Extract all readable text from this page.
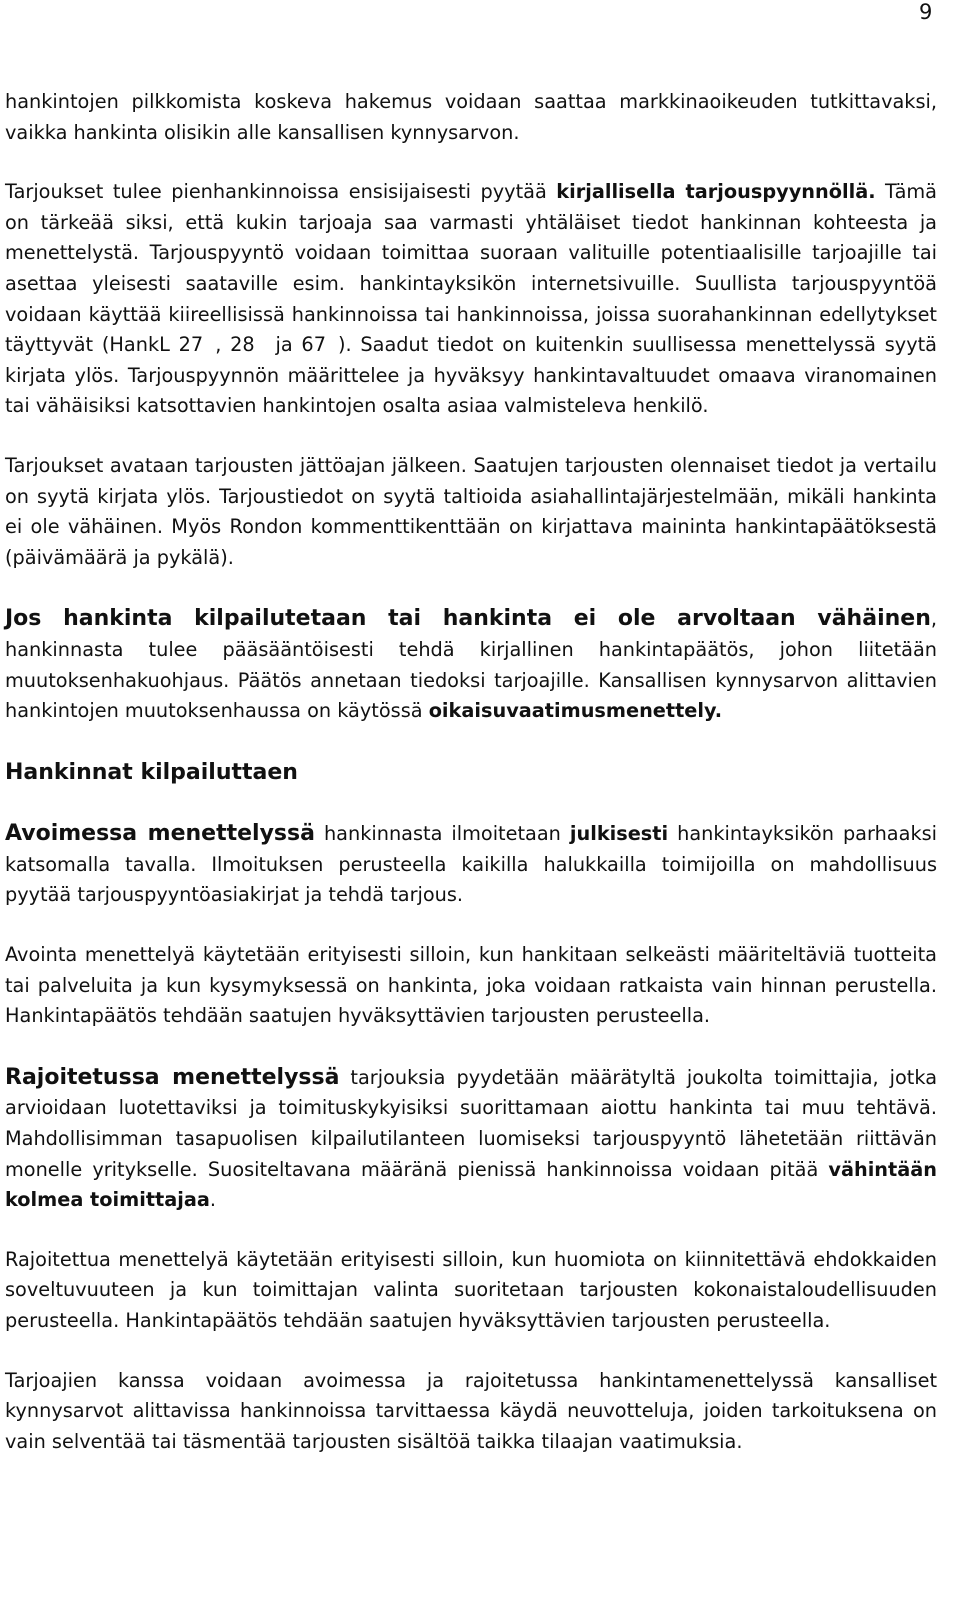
9

hankintojen pilkkomista koskeva hakemus voidaan saattaa markkinaoikeuden tutkittavaksi, vaikka hankinta olisikin alle kansallisen kynnysarvon.

Tarjoukset tulee pienhankinnoissa ensisijaisesti pyytää kirjallisella tarjouspyynnöllä. Tämä on tärkeää siksi, että kukin tarjoaja saa varmasti yhtäläiset tiedot hankinnan kohteesta ja menettelystä. Tarjouspyyntö voidaan toimittaa suoraan valituille potentiaalisille tarjoajille tai asettaa yleisesti saataville esim. hankintayksikön internetsivuille. Suullista tarjouspyyntöä voidaan käyttää kiireellisissä hankinnoissa tai hankinnoissa, joissa suorahankinnan edellytykset täyttyvät (HankL 27 , 28 ja 67 ). Saadut tiedot on kuitenkin suullisessa menettelyssä syytä kirjata ylös. Tarjouspyynnön määrittelee ja hyväksyy hankintavaltuudet omaava viranomainen tai vähäisiksi katsottavien hankintojen osalta asiaa valmisteleva henkilö.

Tarjoukset avataan tarjousten jättöajan jälkeen. Saatujen tarjousten olennaiset tiedot ja vertailu on syytä kirjata ylös. Tarjoustiedot on syytä taltioida asiahallintajärjestelmään, mikäli hankinta ei ole vähäinen. Myös Rondon kommenttikenttään on kirjattava maininta hankintapäätöksestä (päivämäärä ja pykälä).

Jos hankinta kilpailutetaan tai hankinta ei ole arvoltaan vähäinen, hankinnasta tulee pääsääntöisesti tehdä kirjallinen hankintapäätös, johon liitetään muutoksenhakuohjaus. Päätös annetaan tiedoksi tarjoajille. Kansallisen kynnysarvon alittavien hankintojen muutoksenhaussa on käytössä oikaisuvaatimusmenettely.

Hankinnat kilpailuttaen

Avoimessa menettelyssä hankinnasta ilmoitetaan julkisesti hankintayksikön parhaaksi katsomalla tavalla. Ilmoituksen perusteella kaikilla halukkailla toimijoilla on mahdollisuus pyytää tarjouspyyntöasiakirjat ja tehdä tarjous.

Avointa menettelyä käytetään erityisesti silloin, kun hankitaan selkeästi määriteltäviä tuotteita tai palveluita ja kun kysymyksessä on hankinta, joka voidaan ratkaista vain hinnan perustella. Hankintapäätös tehdään saatujen hyväksyttävien tarjousten perusteella.

Rajoitetussa menettelyssä tarjouksia pyydetään määrätyltä joukolta toimittajia, jotka arvioidaan luotettaviksi ja toimituskykyisiksi suorittamaan aiottu hankinta tai muu tehtävä. Mahdollisimman tasapuolisen kilpailutilanteen luomiseksi tarjouspyyntö lähetetään riittävän monelle yritykselle. Suositeltavana määränä pienissä hankinnoissa voidaan pitää vähintään kolmea toimittajaa.

Rajoitettua menettelyä käytetään erityisesti silloin, kun huomiota on kiinnitettävä ehdokkaiden soveltuvuuteen ja kun toimittajan valinta suoritetaan tarjousten kokonaistaloudellisuuden perusteella. Hankintapäätös tehdään saatujen hyväksyttävien tarjousten perusteella.

Tarjoajien kanssa voidaan avoimessa ja rajoitetussa hankintamenettelyssä kansalliset kynnysarvot alittavissa hankinnoissa tarvittaessa käydä neuvotteluja, joiden tarkoituksena on vain selventää tai täsmentää tarjousten sisältöä taikka tilaajan vaatimuksia.
